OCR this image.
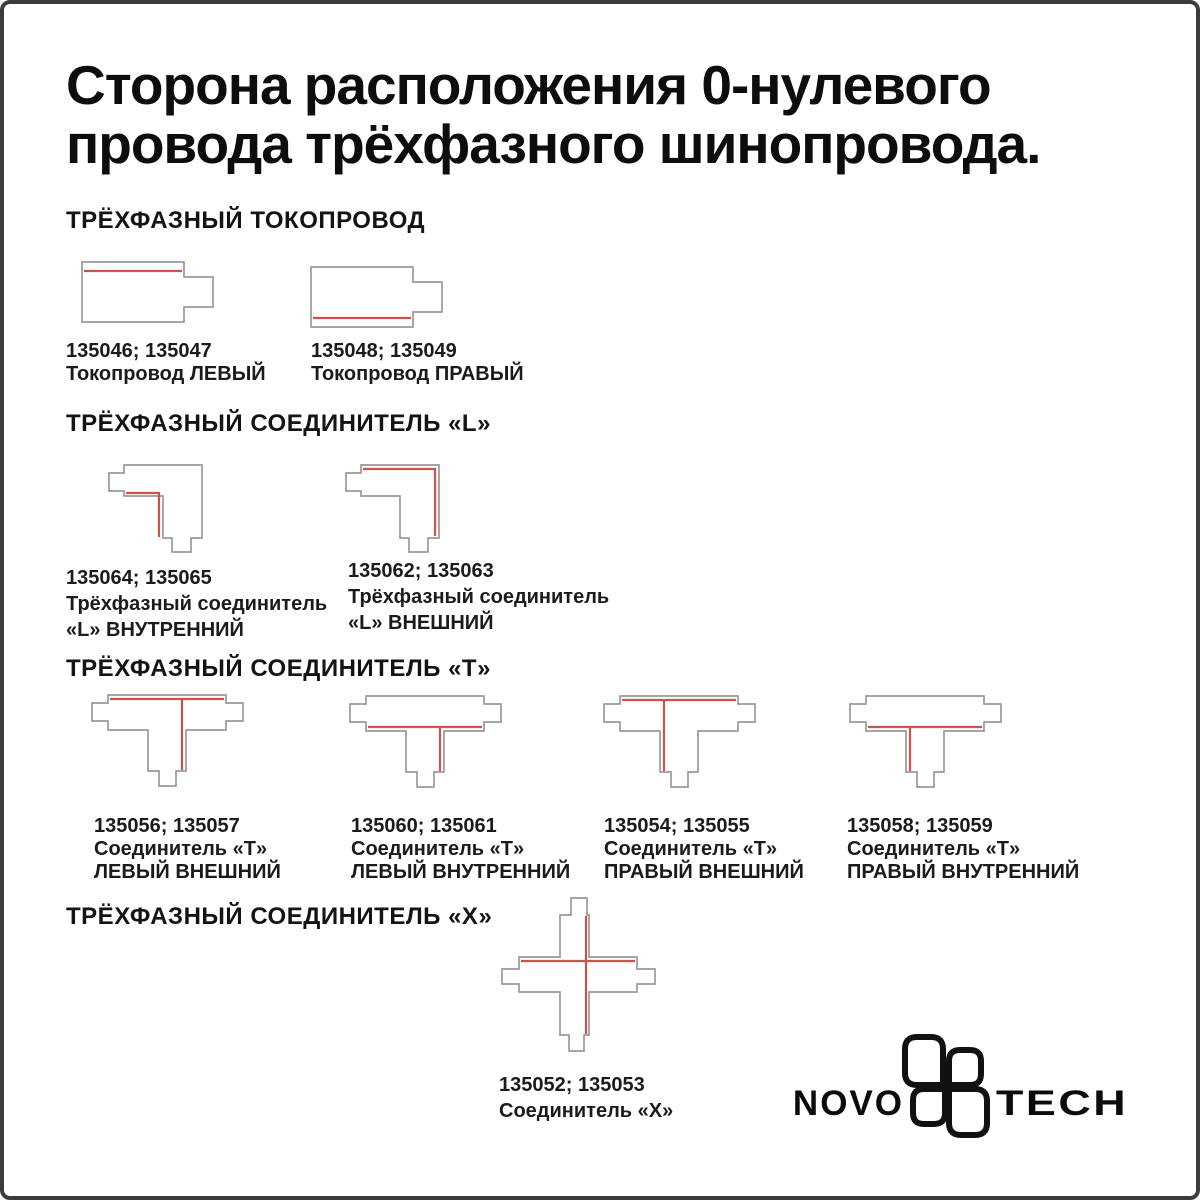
Сторона расположения 0-нулевого
провода трёхфазного шинопровода.
ТРЁХФАЗНЫЙ ТОКОПРОВОД
135046; 135047
Токопровод ЛЕВЫЙ
135048; 135049
Токопровод ПРАВЫЙ
ТРЁХФАЗНЫЙ СОЕДИНИТЕЛЬ «L»
135064; 135065
Трёхфазный соединитель
«L» ВНУТРЕННИЙ
135062; 135063
Трёхфазный соединитель
«L» ВНЕШНИЙ
ТРЁХФАЗНЫЙ СОЕДИНИТЕЛЬ «Т»
135056; 135057
Соединитель «Т»
ЛЕВЫЙ ВНЕШНИЙ
135060; 135061
Соединитель «Т»
ЛЕВЫЙ ВНУТРЕННИЙ
135054; 135055
Соединитель «Т»
ПРАВЫЙ ВНЕШНИЙ
135058; 135059
Соединитель «Т»
ПРАВЫЙ ВНУТРЕННИЙ
ТРЁХФАЗНЫЙ СОЕДИНИТЕЛЬ «Х»
135052; 135053
Соединитель «Х»	NOVO	TECH
